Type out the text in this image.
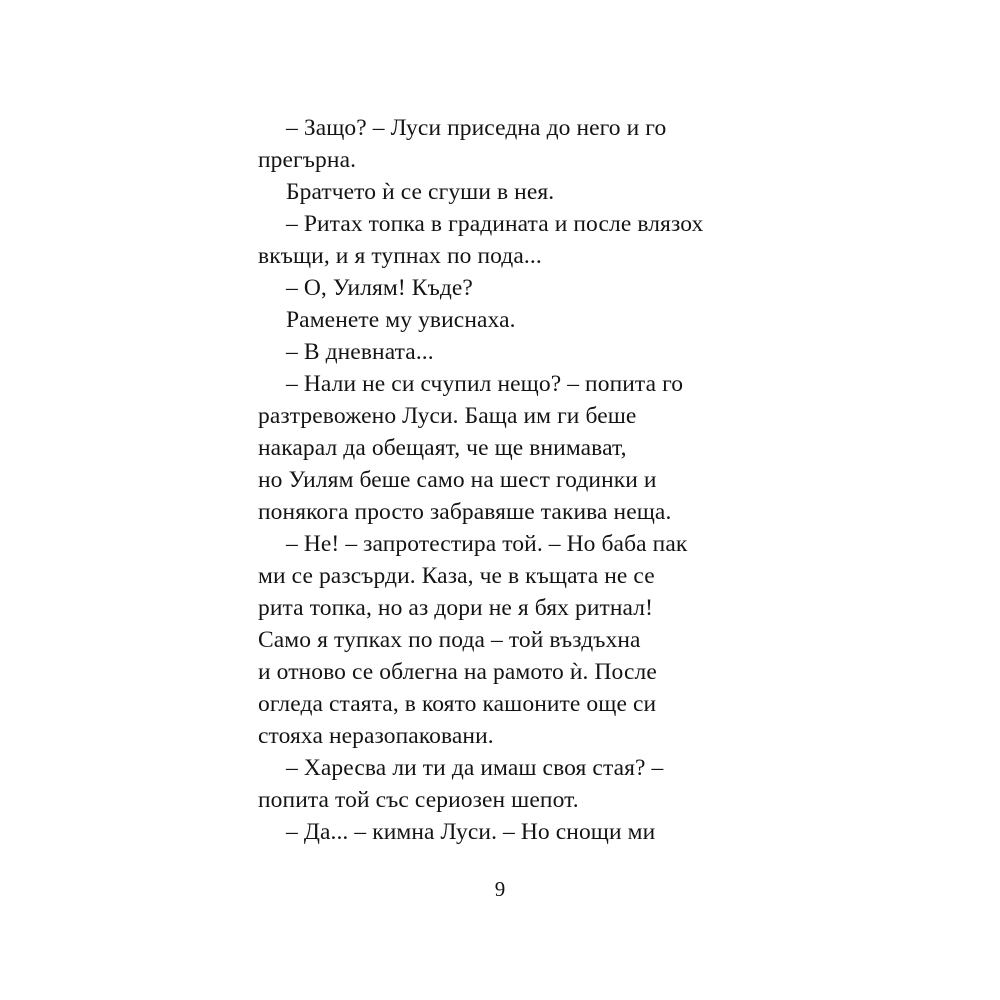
– Защо? – Луси приседна до него и го
прегърна.
Братчето ѝ се сгуши в нея.
– Ритах топка в градината и после влязох
вкъщи, и я тупнах по пода...
– О, Уилям! Къде?
Раменете му увиснаха.
– В дневната...
– Нали не си счупил нещо? – попита го
разтревожено Луси. Баща им ги беше
накарал да обещаят, че ще внимават,
но Уилям беше само на шест годинки и
понякога просто забравяше такива неща.
– Не! – запротестира той. – Но баба пак
ми се разсърди. Каза, че в къщата не се
рита топка, но аз дори не я бях ритнал!
Само я тупках по пода – той въздъхна
и отново се облегна на рамото ѝ. После
огледа стаята, в която кашоните още си
стояха неразопаковани.
– Харесва ли ти да имаш своя стая? –
попита той със сериозен шепот.
– Да... – кимна Луси. – Но снощи ми
9
